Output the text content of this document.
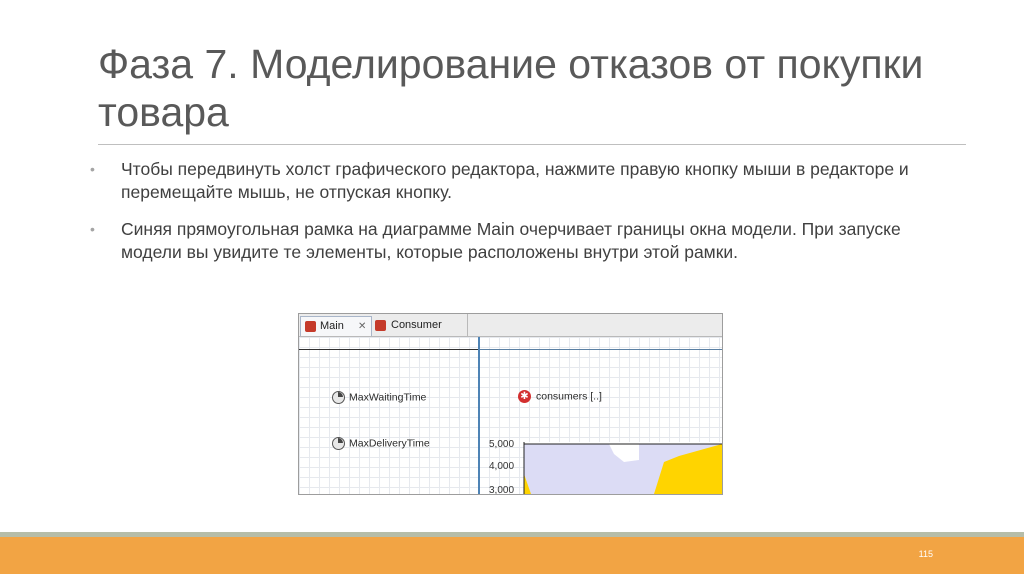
Фаза 7. Моделирование отказов от покупки товара
• Чтобы передвинуть холст графического редактора, нажмите правую кнопку мыши в редакторе и перемещайте мышь, не отпуская кнопку.
• Синяя прямоугольная рамка на диаграмме Main очерчивает границы окна модели. При запуске модели вы увидите те элементы, которые расположены внутри этой рамки.
Main ✕ Consumer
MaxWaitingTime
MaxDeliveryTime
✱ consumers [..]
5,000
4,000
3,000
115
